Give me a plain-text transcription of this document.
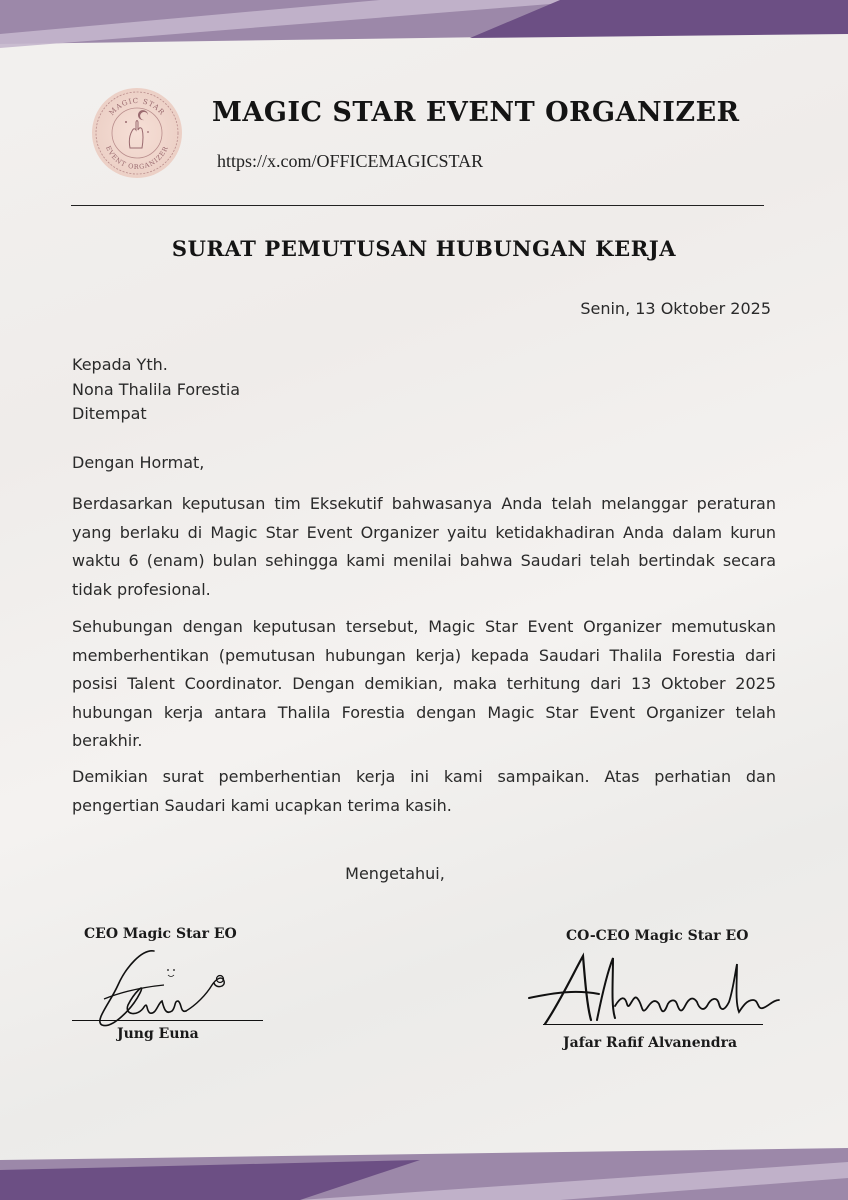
MAGIC STAR
EVENT ORGANIZER
MAGIC STAR EVENT ORGANIZER
https://x.com/OFFICEMAGICSTAR
SURAT PEMUTUSAN HUBUNGAN KERJA
Senin, 13 Oktober 2025
Kepada Yth.
Nona Thalila Forestia
Ditempat
Dengan Hormat,

Berdasarkan keputusan tim Eksekutif bahwasanya Anda telah melanggar peraturan yang berlaku di Magic Star Event Organizer yaitu ketidakhadiran Anda dalam kurun waktu 6 (enam) bulan sehingga kami menilai bahwa Saudari telah bertindak secara tidak profesional.

Sehubungan dengan keputusan tersebut, Magic Star Event Organizer memutuskan memberhentikan (pemutusan hubungan kerja) kepada Saudari Thalila Forestia dari posisi Talent Coordinator. Dengan demikian, maka terhitung dari 13 Oktober 2025 hubungan kerja antara Thalila Forestia dengan Magic Star Event Organizer telah berakhir.

Demikian surat pemberhentian kerja ini kami sampaikan. Atas perhatian dan pengertian Saudari kami ucapkan terima kasih.

Mengetahui,
CEO Magic Star EO
Jung Euna
CO-CEO Magic Star EO
Jafar Rafif Alvanendra
